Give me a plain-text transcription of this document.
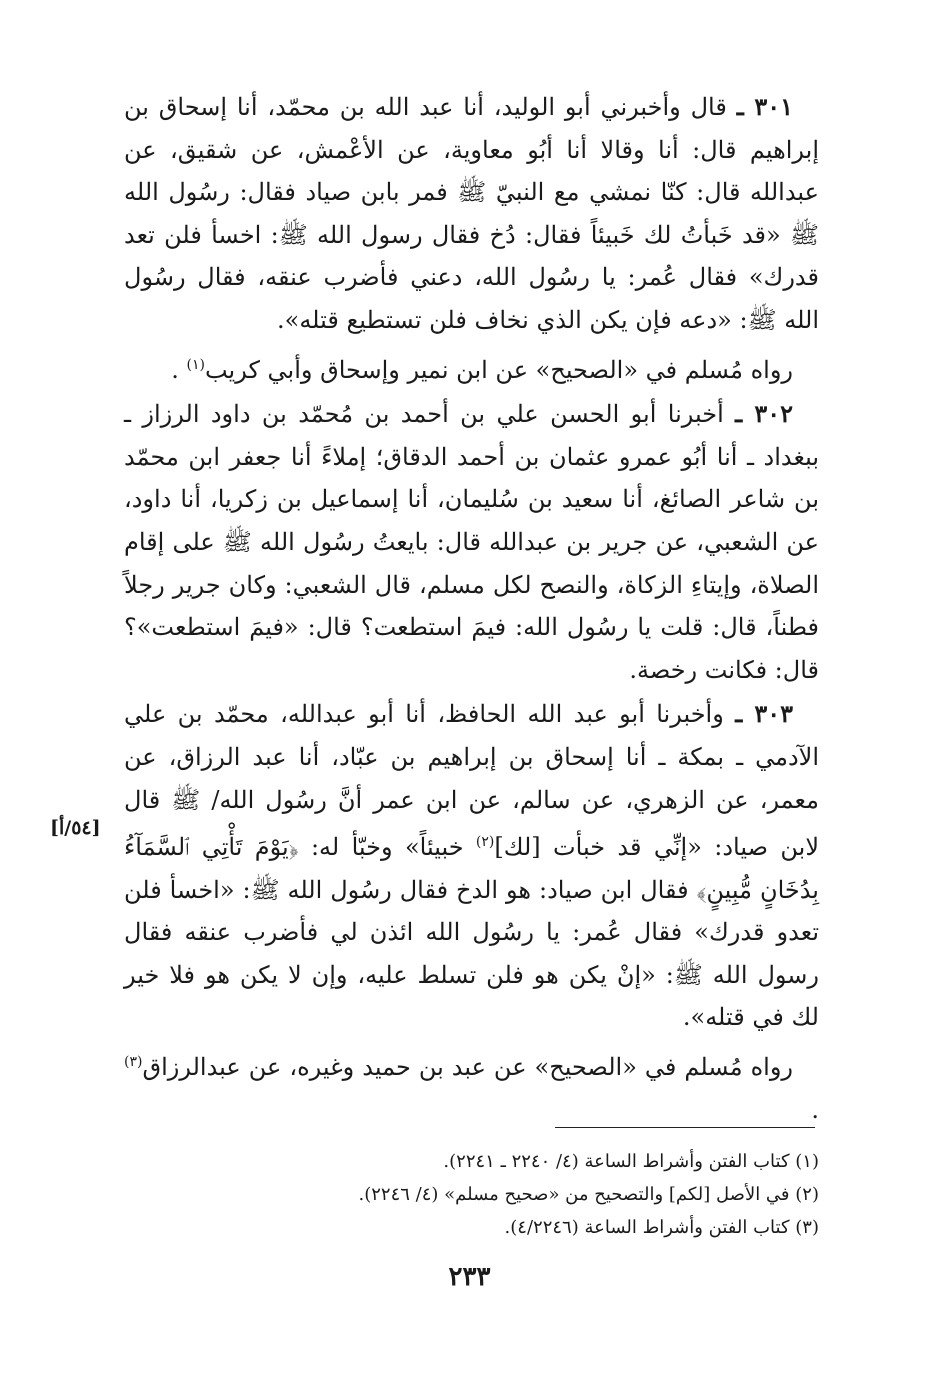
٣٠١ ـ قال وأخبرني أبو الوليد، أنا عبد الله بن محمّد، أنا إسحاق بن إبراهيم قال: أنا وقالا أنا أبُو معاوية، عن الأعْمش، عن شقيق، عن عبدالله قال: كنّا نمشي مع النبيّ ﷺ فمر بابن صياد فقال: رسُول الله ﷺ «قد خَبأتُ لك خَبيئاً فقال: دُخ فقال رسول الله ﷺ: اخسأ فلن تعد قدرك» فقال عُمر: يا رسُول الله، دعني فأضرب عنقه، فقال رسُول الله ﷺ: «دعه فإن يكن الذي نخاف فلن تستطيع قتله».

رواه مُسلم في «الصحيح» عن ابن نمير وإسحاق وأبي كريب$^{(١)}$ .

٣٠٢ ـ أخبرنا أبو الحسن علي بن أحمد بن مُحمّد بن داود الرزاز ـ ببغداد ـ أنا أبُو عمرو عثمان بن أحمد الدقاق؛ إملاءً أنا جعفر ابن محمّد بن شاعر الصائغ، أنا سعيد بن سُليمان، أنا إسماعيل بن زكريا، أنا داود، عن الشعبي، عن جرير بن عبدالله قال: بايعتُ رسُول الله ﷺ على إقام الصلاة، وإيتاءِ الزكاة، والنصح لكل مسلم، قال الشعبي: وكان جرير رجلاً فطناً، قال: قلت يا رسُول الله: فيمَ استطعت؟ قال: «فيمَ استطعت»؟ قال: فكانت رخصة.

٣٠٣ ـ وأخبرنا أبو عبد الله الحافظ، أنا أبو عبدالله، محمّد بن علي الآدمي ـ بمكة ـ أنا إسحاق بن إبراهيم بن عبّاد، أنا عبد الرزاق، عن معمر، عن الزهري، عن سالم، عن ابن عمر أنَّ رسُول الله/ ﷺ قال لابن صياد: «إنِّي قد خبأت [لك]$^{(٢)}$ خبيئاً» وخبّأ له: ﴿يَوْمَ تَأْتِي ٱلسَّمَآءُ بِدُخَانٍ مُّبِينٍ﴾ فقال ابن صياد: هو الدخ فقال رسُول الله ﷺ: «اخسأ فلن تعدو قدرك» فقال عُمر: يا رسُول الله ائذن لي فأضرب عنقه فقال رسول الله ﷺ: «إنْ يكن هو فلن تسلط عليه، وإن لا يكن هو فلا خير لك في قتله».

رواه مُسلم في «الصحيح» عن عبد بن حميد وغيره، عن عبدالرزاق$^{(٣)}$ .

[٥٤/أ]

(١) كتاب الفتن وأشراط الساعة (٤/ ٢٢٤٠ ـ ٢٢٤١).

(٢) في الأصل [لكم] والتصحيح من «صحيح مسلم» (٤/ ٢٢٤٦).

(٣) كتاب الفتن وأشراط الساعة (٤/٢٢٤٦).

٢٣٣
